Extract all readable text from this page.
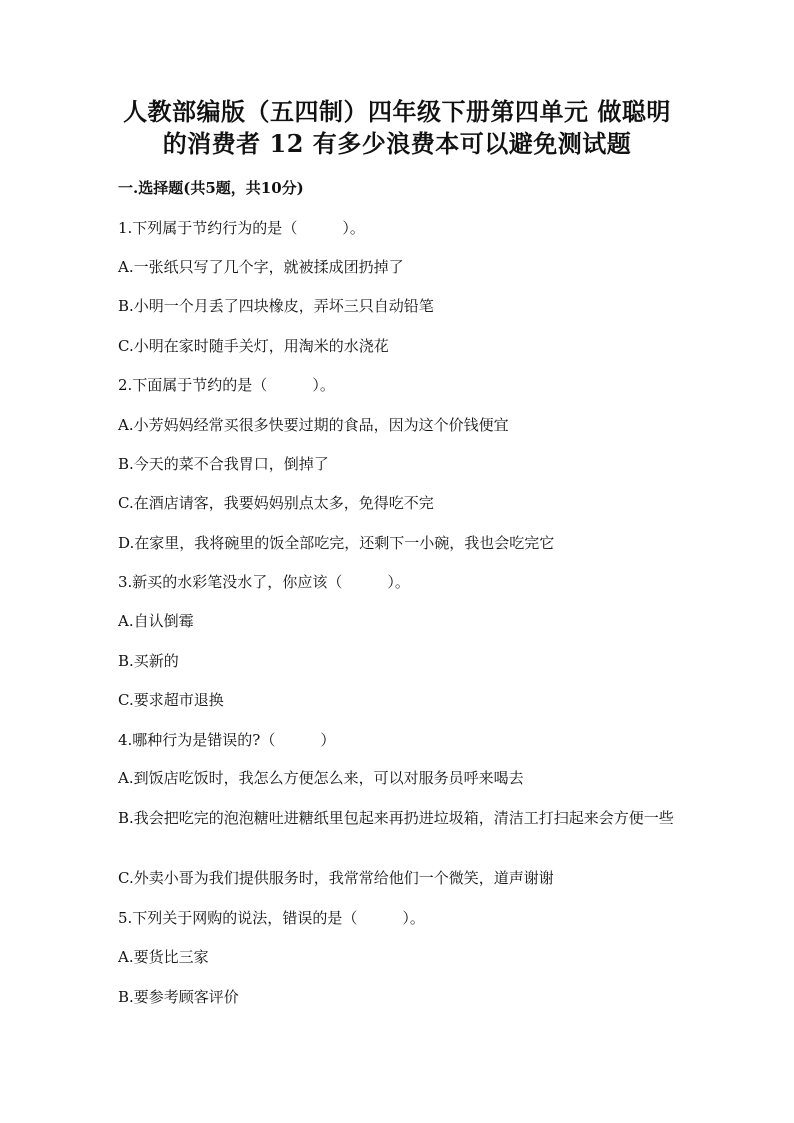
人教部编版（五四制）四年级下册第四单元 做聪明
的消费者 12 有多少浪费本可以避免测试题
一.选择题(共5题，共10分)
1.下列属于节约行为的是（　　　）。
A.一张纸只写了几个字，就被揉成团扔掉了
B.小明一个月丢了四块橡皮，弄坏三只自动铅笔
C.小明在家时随手关灯，用淘米的水浇花
2.下面属于节约的是（　　　）。
A.小芳妈妈经常买很多快要过期的食品，因为这个价钱便宜
B.今天的菜不合我胃口，倒掉了
C.在酒店请客，我要妈妈别点太多，免得吃不完
D.在家里，我将碗里的饭全部吃完，还剩下一小碗，我也会吃完它
3.新买的水彩笔没水了，你应该（　　　）。
A.自认倒霉
B.买新的
C.要求超市退换
4.哪种行为是错误的?（　　　）
A.到饭店吃饭时，我怎么方便怎么来，可以对服务员呼来喝去
B.我会把吃完的泡泡糖吐进糖纸里包起来再扔进垃圾箱，清洁工打扫起来会方便一些
C.外卖小哥为我们提供服务时，我常常给他们一个微笑，道声谢谢
5.下列关于网购的说法，错误的是（　　　）。
A.要货比三家
B.要参考顾客评价
